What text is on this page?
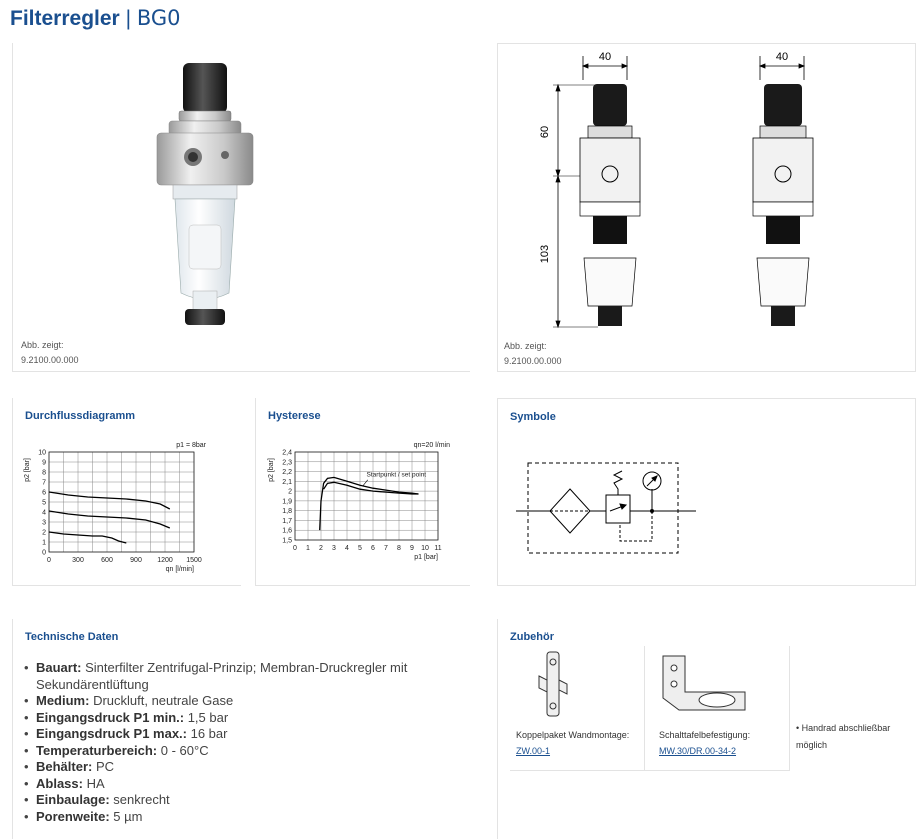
Filterregler | BG0
Abb. zeigt:
9.2100.00.000
40	40
60
103
Abb. zeigt:
9.2100.00.000
Durchflussdiagramm
0
1
2
3
4
5
6
7
8
9
10
0	300 600 900 1200 1500
p2 [bar]
qn [l/min]
p1 = 8bar
Hysterese
1,5
1,6
1,7
1,8
1,9
2
2,1
2,2
2,3
2,4
0 1 2 3 4 5 6 7 8 9 10 11
p2 [bar]
p1 [bar]
qn=20 l/min
Startpunkt / set point
Symbole
Technische Daten
• Bauart: Sinterfilter Zentrifugal-Prinzip; Membran-Druckregler mit Sekundärentlüftung
• Medium: Druckluft, neutrale Gase
• Eingangsdruck P1 min.: 1,5 bar
• Eingangsdruck P1 max.: 16 bar
• Temperaturbereich: 0 - 60°C
• Behälter: PC
• Ablass: HA
• Einbaulage: senkrecht
• Porenweite: 5 µm
Zubehör
Koppelpaket Wandmontage:
ZW.00-1
Schalttafelbefestigung:
MW.30/DR.00-34-2
• Handrad abschließbar möglich
